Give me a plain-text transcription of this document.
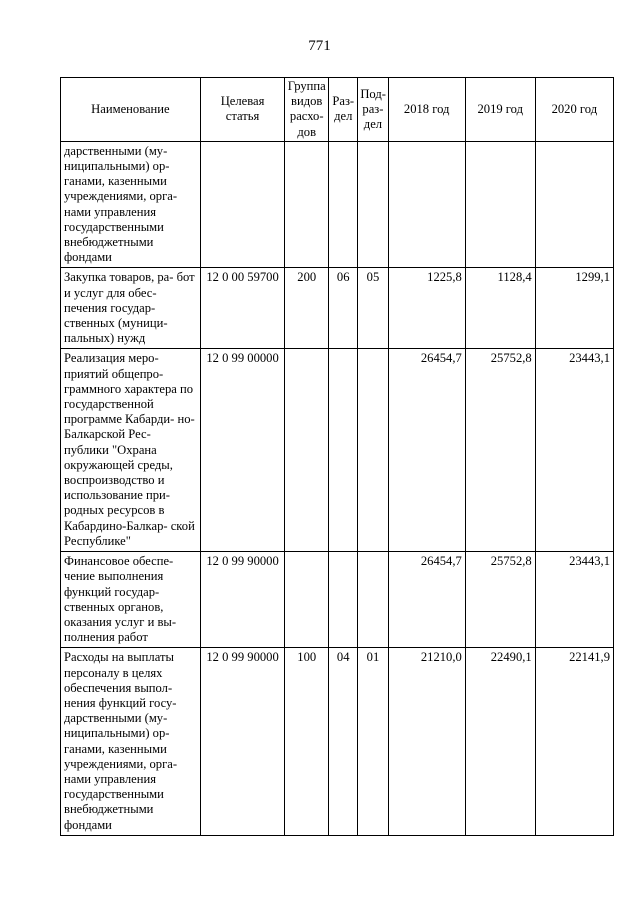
771
Наименование	Целевая статья	Группа видов расхо- дов	Раз- дел	Под- раз- дел	2018 год	2019 год	2020 год
дарственными (му- ниципальными) ор- ганами, казенными учреждениями, орга- нами управления государственными внебюджетными фондами							
Закупка товаров, ра- бот и услуг для обес- печения государ- ственных (муници- пальных) нужд	12 0 00 59700	200	06	05	1225,8	1128,4	1299,1
Реализация меро- приятий общепро- граммного характера по государственной программе Кабарди- но-Балкарской Рес- публики "Охрана окружающей среды, воспроизводство и использование при- родных ресурсов в Кабардино-Балкар- ской Республике"	12 0 99 00000				26454,7	25752,8	23443,1
Финансовое обеспе- чение выполнения функций государ- ственных органов, оказания услуг и вы- полнения работ	12 0 99 90000				26454,7	25752,8	23443,1
Расходы на выплаты персоналу в целях обеспечения выпол- нения функций госу- дарственными (му- ниципальными) ор- ганами, казенными учреждениями, орга- нами управления государственными внебюджетными фондами	12 0 99 90000	100	04	01	21210,0	22490,1	22141,9
